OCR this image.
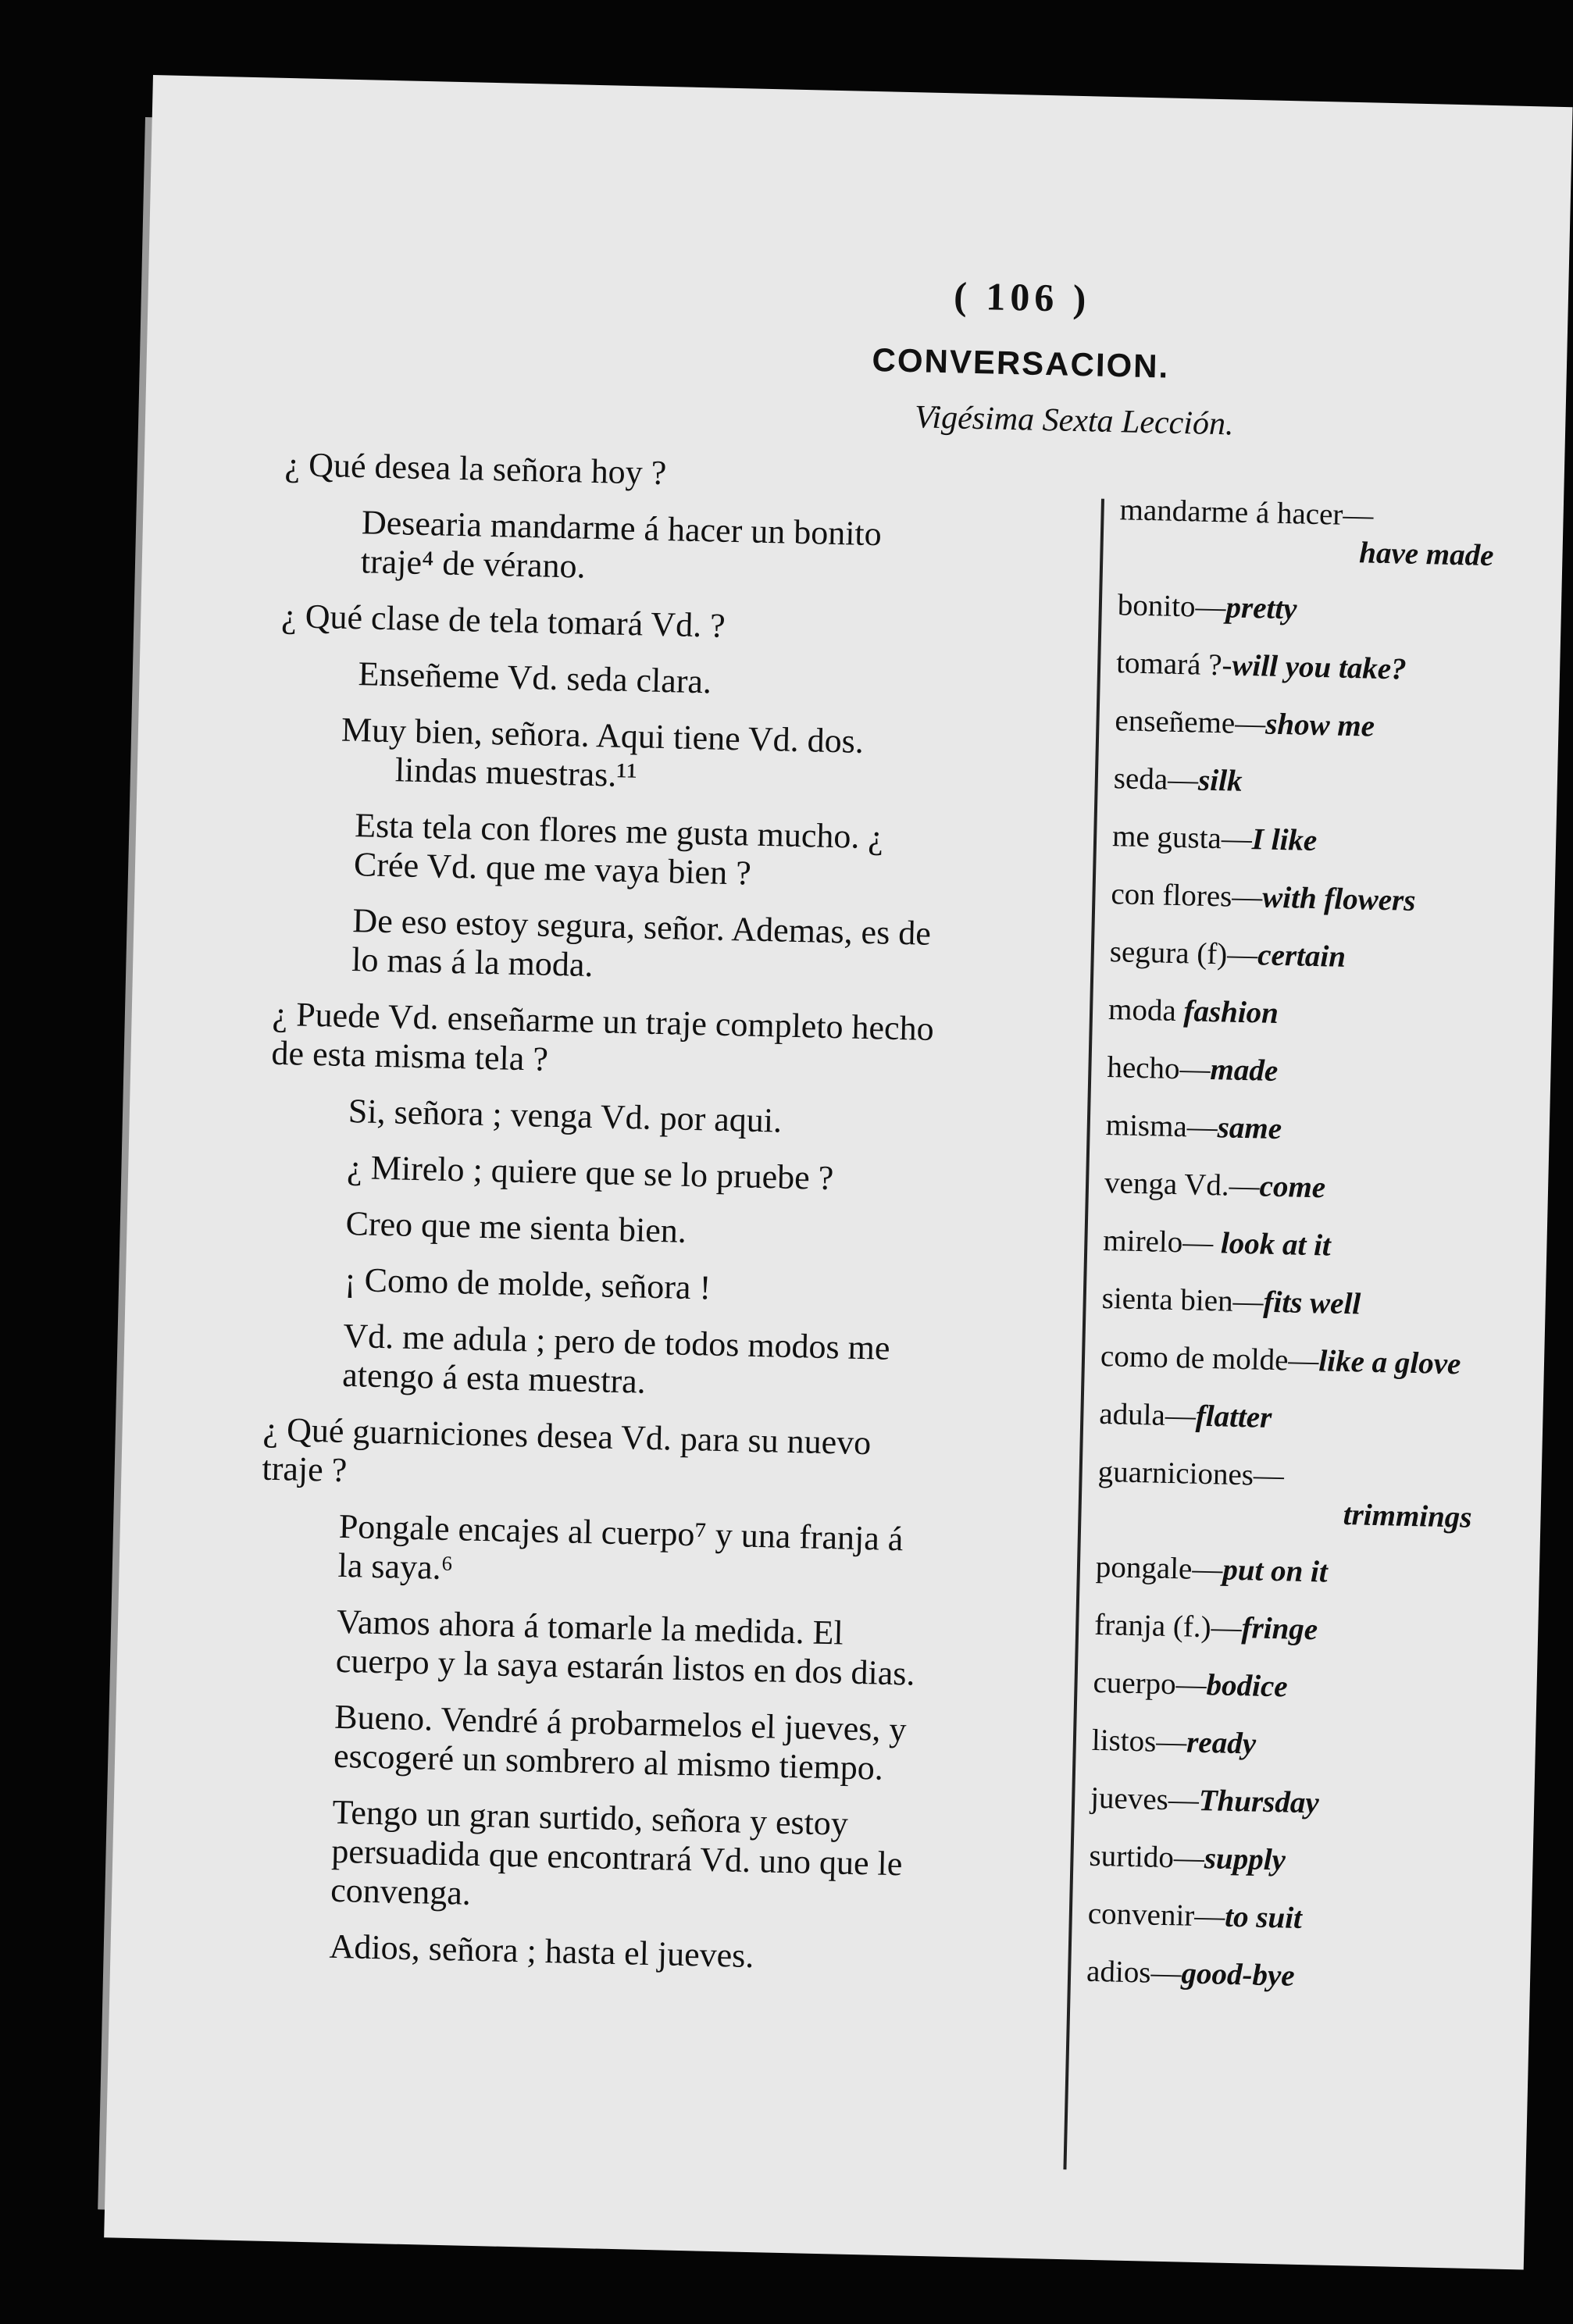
( 106 )
CONVERSACION.
Vigésima Sexta Lección.
¿ Qué desea la señora hoy ?
Desearia mandarme á hacer un bonito traje⁴ de vérano.
¿ Qué clase de tela tomará Vd. ?
Enseñeme Vd. seda clara.
Muy bien, señora. Aqui tiene Vd. dos. lindas muestras.¹¹
Esta tela con flores me gusta mucho. ¿ Crée Vd. que me vaya bien ?
De eso estoy segura, señor. Ademas, es de lo mas á la moda.
¿ Puede Vd. enseñarme un traje completo hecho de esta misma tela ?
Si, señora ; venga Vd. por aqui.
¿ Mirelo ; quiere que se lo pruebe ?
Creo que me sienta bien.
¡ Como de molde, señora !
Vd. me adula ; pero de todos modos me atengo á esta muestra.
¿ Qué guarniciones desea Vd. para su nuevo traje ?
Pongale encajes al cuerpo⁷ y una franja á la saya.⁶
Vamos ahora á tomarle la medida. El cuerpo y la saya estarán listos en dos dias.
Bueno. Vendré á probarmelos el jueves, y escogeré un sombrero al mismo tiempo.
Tengo un gran surtido, señora y estoy persuadida que encontrará Vd. uno que le convenga.
Adios, señora ; hasta el jueves.
mandarme á hacer—
have made
bonito—pretty
tomará ?-will you take?
enseñeme—show me
seda—silk
me gusta—I like
con flores—with flowers
segura (f)—certain
moda fashion
hecho—made
misma—same
venga Vd.—come
mirelo— look at it
sienta bien—fits well
como de molde—like a glove
adula—flatter
guarniciones—
trimmings
pongale—put on it
franja (f.)—fringe
cuerpo—bodice
listos—ready
jueves—Thursday
surtido—supply
convenir—to suit
adios—good-bye
